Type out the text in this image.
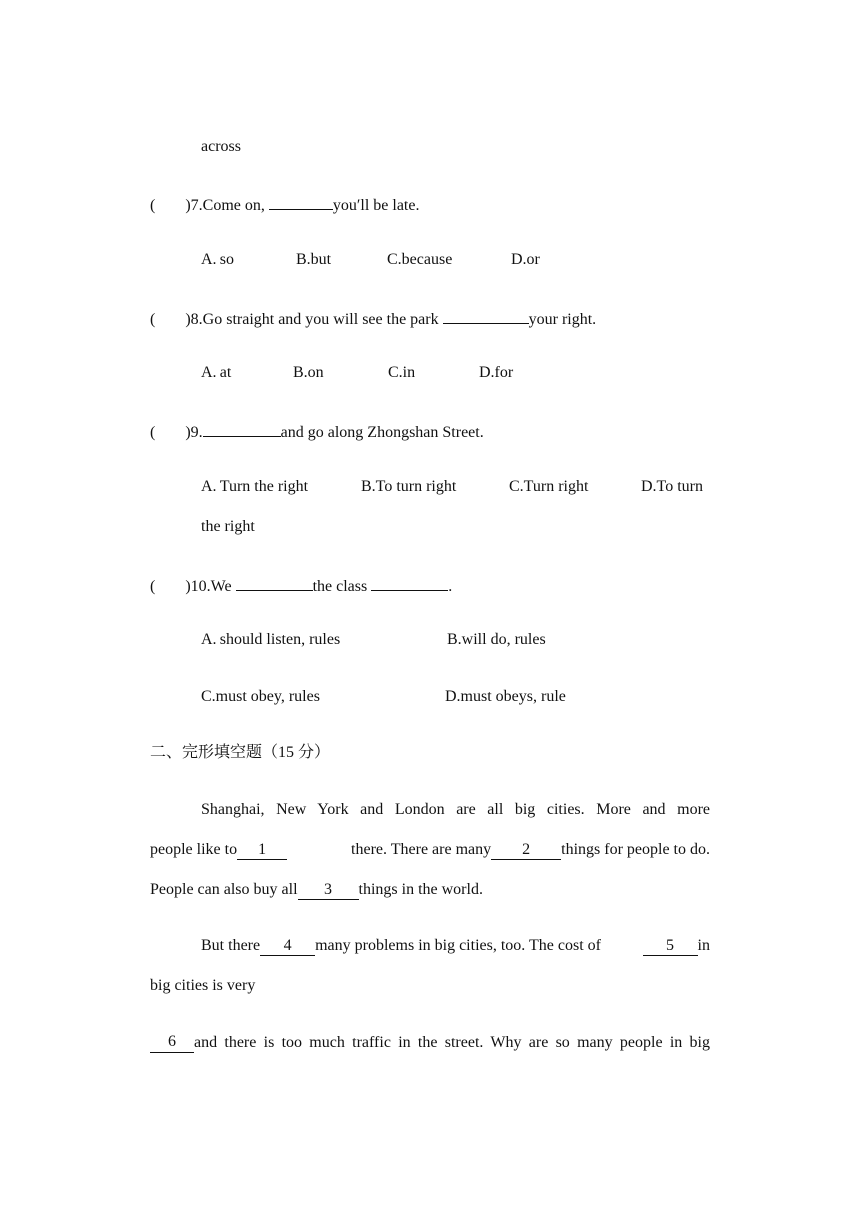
across
( )7.Come on,	you′ll be late.
A. so	B.but	C.because	D.or
( )8.Go straight and you will see the park	your right.
A. at	B.on	C.in	D.for
( )9.	and go along Zhongshan Street.
A. Turn the right	B.To turn right	C.Turn right	D.To turn
the right
( )10.We	the class	.
A. should listen, rules	B.will do, rules
C.must obey, rules	D.must obeys, rule
二、完形填空题（15 分）
Shanghai, New York and London are all big cities. More and more
people like to 1	there. There are many 2 things for people to do.
People can also buy all 3 things in the world.
But there 4 many problems in big cities, too. The cost of	5 in
big cities is very
6	and there is too much traffic in the street. Why are so many people in big
